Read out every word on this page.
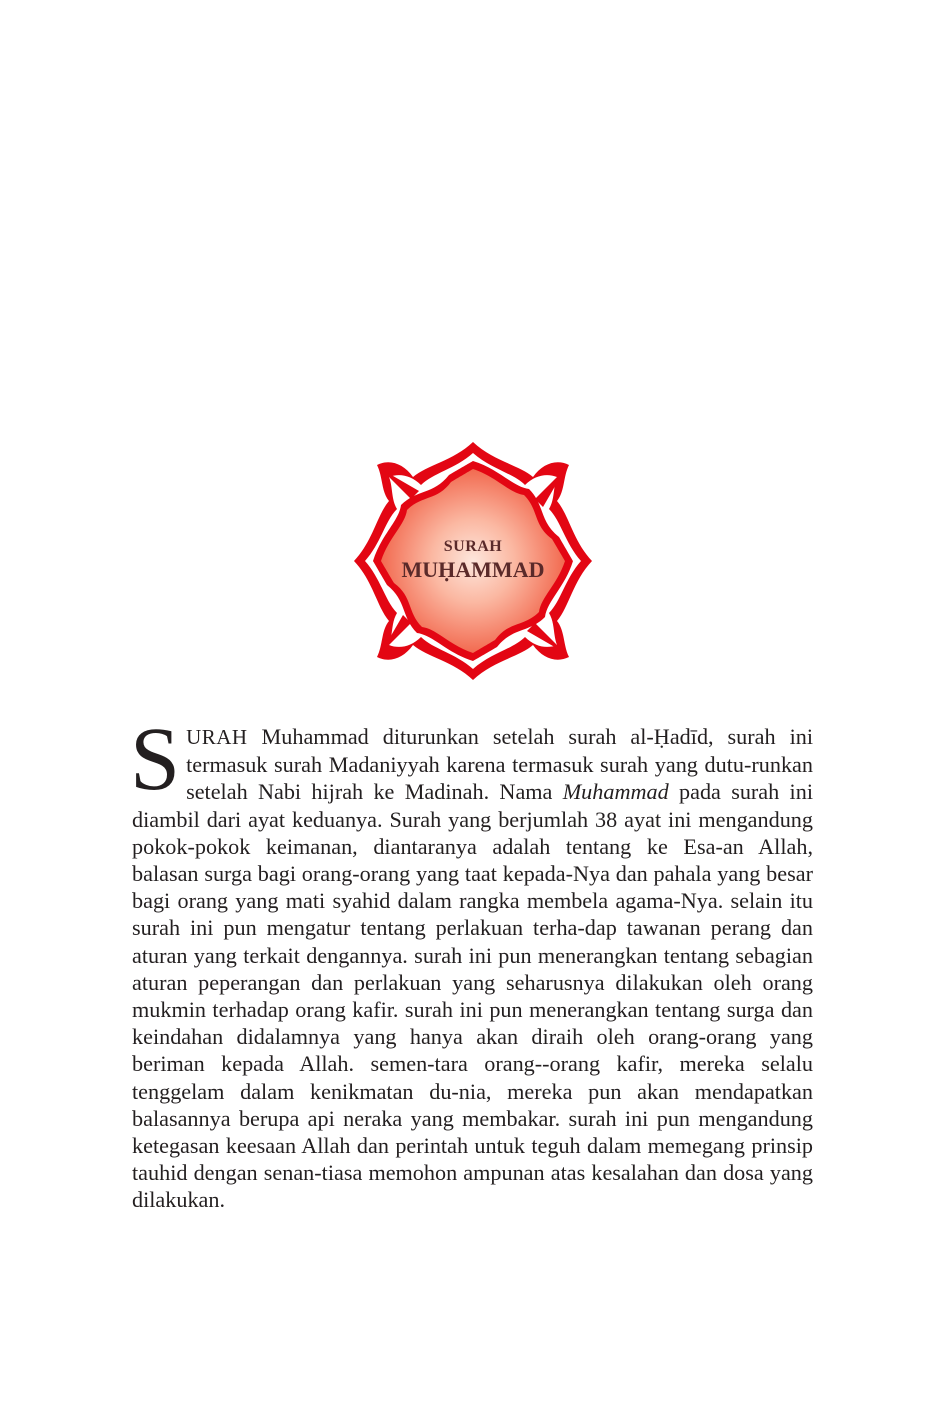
SURAH
MUḤAMMAD
SURAH Muhammad diturunkan setelah surah al-Ḥadīd, surah ini termasuk surah Madaniyyah karena termasuk surah yang dutu-runkan setelah Nabi hijrah ke Madinah. Nama Muhammad pada surah ini diambil dari ayat keduanya. Surah yang berjumlah 38 ayat ini mengandung pokok-pokok keimanan, diantaranya adalah tentang ke Esa-an Allah, balasan surga bagi orang-orang yang taat kepada-Nya dan pahala yang besar bagi orang yang mati syahid dalam rangka membela agama-Nya. selain itu surah ini pun mengatur tentang perlakuan terha-dap tawanan perang dan aturan yang terkait dengannya. surah ini pun menerangkan tentang sebagian aturan peperangan dan perlakuan yang seharusnya dilakukan oleh orang mukmin terhadap orang kafir. surah ini pun menerangkan tentang surga dan keindahan didalamnya yang hanya akan diraih oleh orang-orang yang beriman kepada Allah. semen-tara orang--orang kafir, mereka selalu tenggelam dalam kenikmatan du-nia, mereka pun akan mendapatkan balasannya berupa api neraka yang membakar. surah ini pun mengandung ketegasan keesaan Allah dan perintah untuk teguh dalam memegang prinsip tauhid dengan senan-tiasa memohon ampunan atas kesalahan dan dosa yang dilakukan.
